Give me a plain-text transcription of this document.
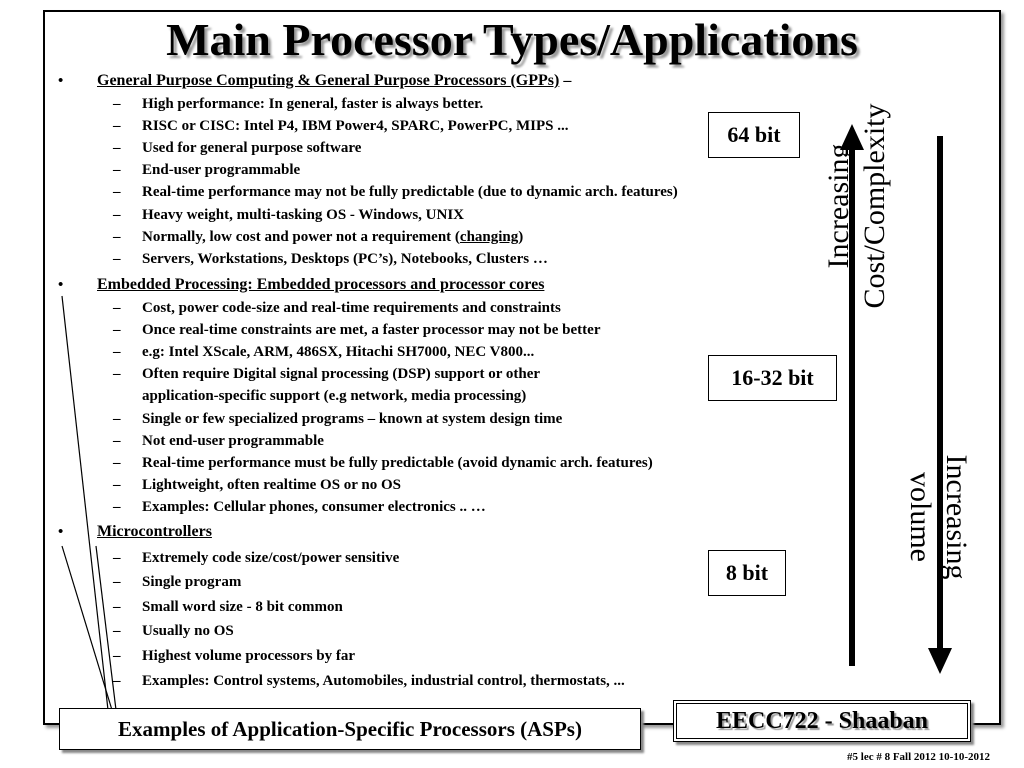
Main Processor Types/Applications
• General Purpose Computing & General Purpose Processors (GPPs) –
– High performance: In general, faster is always better.
– RISC or CISC: Intel P4, IBM Power4, SPARC, PowerPC, MIPS ...
– Used for general purpose software
– End-user programmable
– Real-time performance may not be fully predictable (due to dynamic arch. features)
– Heavy weight, multi-tasking OS - Windows, UNIX
– Normally, low cost and power not a requirement (changing)
– Servers, Workstations, Desktops (PC’s), Notebooks, Clusters …
• Embedded Processing: Embedded processors and processor cores
– Cost, power code-size and real-time requirements and constraints
– Once real-time constraints are met, a faster processor may not be better
– e.g: Intel XScale, ARM, 486SX, Hitachi SH7000, NEC V800...
– Often require Digital signal processing (DSP) support or other
application-specific support (e.g network, media processing)
– Single or few specialized programs – known at system design time
– Not end-user programmable
– Real-time performance must be fully predictable (avoid dynamic arch. features)
– Lightweight, often realtime OS or no OS
– Examples: Cellular phones, consumer electronics .. …
• Microcontrollers
– Extremely code size/cost/power sensitive
– Single program
– Small word size - 8 bit common
– Usually no OS
– Highest volume processors by far
– Examples: Control systems, Automobiles, industrial control, thermostats, ...
64 bit
16-32 bit
8 bit
Increasing Cost/Complexity
Increasing
volume
Examples of Application-Specific Processors (ASPs)	EECC722 - Shaaban
#5 lec # 8 Fall 2012 10-10-2012
